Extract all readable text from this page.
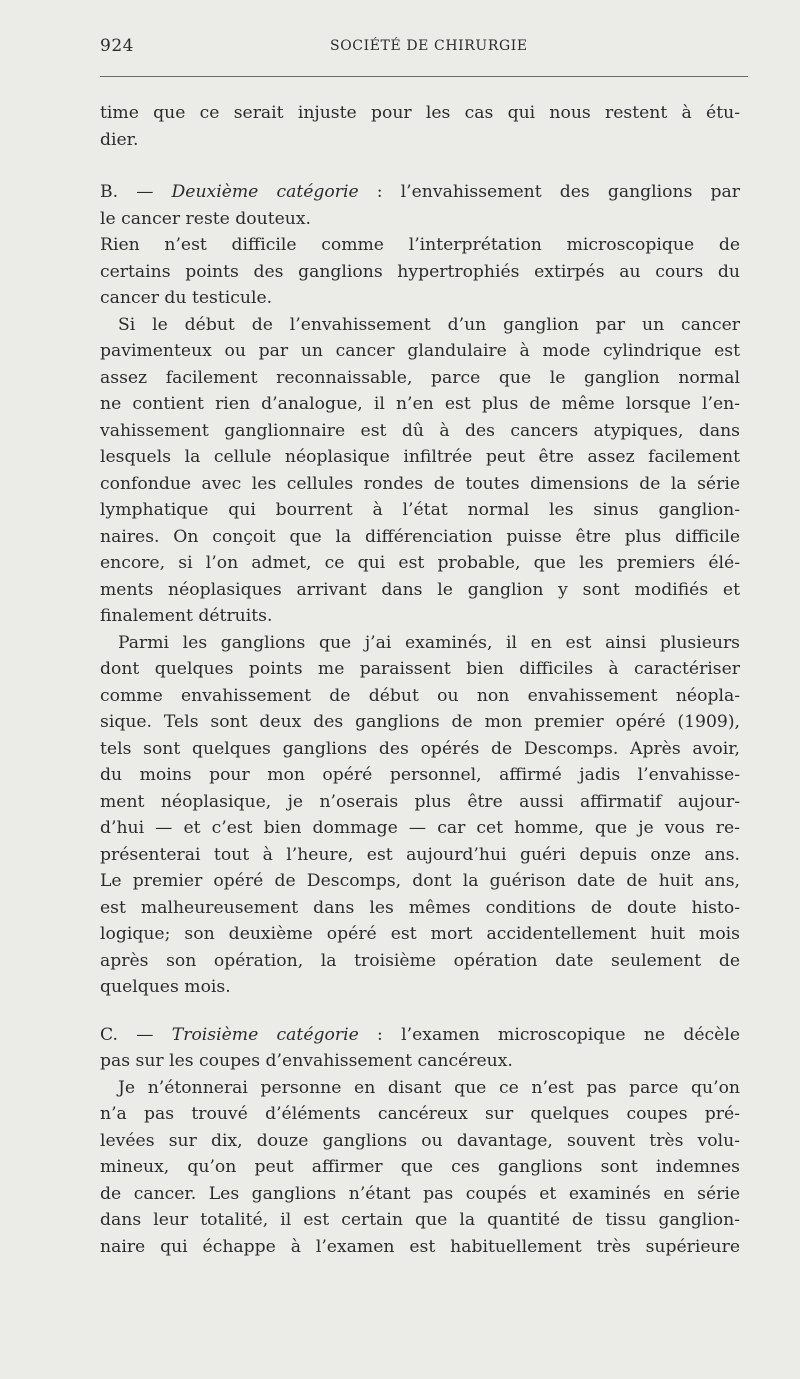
924	SOCIÉTÉ DE CHIRURGIE
time que ce serait injuste pour les cas qui nous restent à étu-
dier.
B. — Deuxième catégorie : l’envahissement des ganglions par
le cancer reste douteux.
Rien n’est difficile comme l’interprétation microscopique de
certains points des ganglions hypertrophiés extirpés au cours du
cancer du testicule.
Si le début de l’envahissement d’un ganglion par un cancer
pavimenteux ou par un cancer glandulaire à mode cylindrique est
assez facilement reconnaissable, parce que le ganglion normal
ne contient rien d’analogue, il n’en est plus de même lorsque l’en-
vahissement ganglionnaire est dû à des cancers atypiques, dans
lesquels la cellule néoplasique infiltrée peut être assez facilement
confondue avec les cellules rondes de toutes dimensions de la série
lymphatique qui bourrent à l’état normal les sinus ganglion-
naires. On conçoit que la différenciation puisse être plus difficile
encore, si l’on admet, ce qui est probable, que les premiers élé-
ments néoplasiques arrivant dans le ganglion y sont modifiés et
finalement détruits.
Parmi les ganglions que j’ai examinés, il en est ainsi plusieurs
dont quelques points me paraissent bien difficiles à caractériser
comme envahissement de début ou non envahissement néopla-
sique. Tels sont deux des ganglions de mon premier opéré (1909),
tels sont quelques ganglions des opérés de Descomps. Après avoir,
du moins pour mon opéré personnel, affirmé jadis l’envahisse-
ment néoplasique, je n’oserais plus être aussi affirmatif aujour-
d’hui — et c’est bien dommage — car cet homme, que je vous re-
présenterai tout à l’heure, est aujourd’hui guéri depuis onze ans.
Le premier opéré de Descomps, dont la guérison date de huit ans,
est malheureusement dans les mêmes conditions de doute histo-
logique; son deuxième opéré est mort accidentellement huit mois
après son opération, la troisième opération date seulement de
quelques mois.
C. — Troisième catégorie : l’examen microscopique ne décèle
pas sur les coupes d’envahissement cancéreux.
Je n’étonnerai personne en disant que ce n’est pas parce qu’on
n’a pas trouvé d’éléments cancéreux sur quelques coupes pré-
levées sur dix, douze ganglions ou davantage, souvent très volu-
mineux, qu’on peut affirmer que ces ganglions sont indemnes
de cancer. Les ganglions n’étant pas coupés et examinés en série
dans leur totalité, il est certain que la quantité de tissu ganglion-
naire qui échappe à l’examen est habituellement très supérieure
